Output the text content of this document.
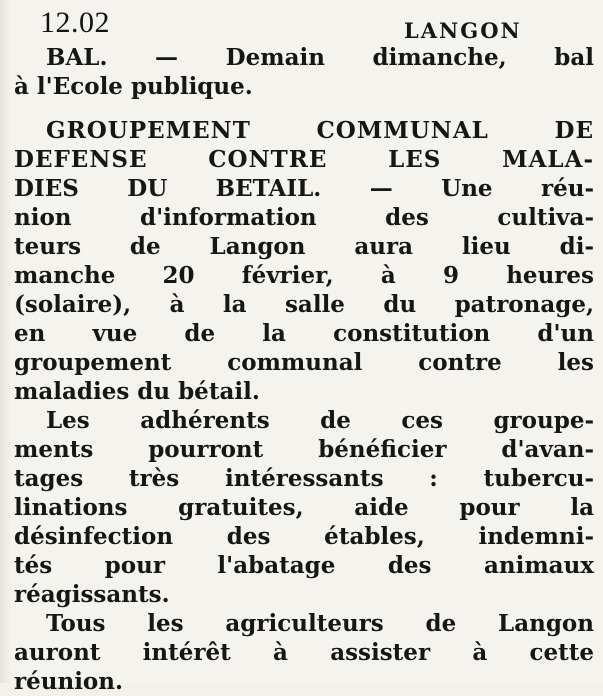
12.02	LANGON
BAL. — Demain dimanche, bal
à l'Ecole publique.
GROUPEMENT COMMUNAL DE
DEFENSE CONTRE LES MALA-
DIES DU BETAIL. — Une réu-
nion d'information des cultiva-
teurs de Langon aura lieu di-
manche 20 février, à 9 heures
(solaire), à la salle du patronage,
en vue de la constitution d'un
groupement communal contre les
maladies du bétail.
Les adhérents de ces groupe-
ments pourront bénéficier d'avan-
tages très intéressants : tubercu-
linations gratuites, aide pour la
désinfection des étables, indemni-
tés pour l'abatage des animaux
réagissants.
Tous les agriculteurs de Langon
auront intérêt à assister à cette
réunion.
